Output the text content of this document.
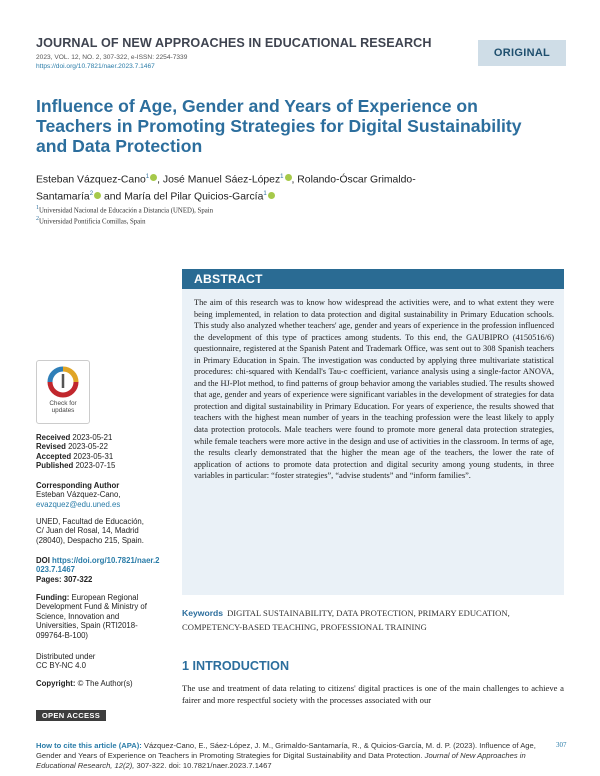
JOURNAL OF NEW APPROACHES IN EDUCATIONAL RESEARCH
2023, VOL. 12, NO. 2, 307-322, e-ISSN: 2254-7339
https://doi.org/10.7821/naer.2023.7.1467
ORIGINAL
Influence of Age, Gender and Years of Experience on Teachers in Promoting Strategies for Digital Sustainability and Data Protection
Esteban Vázquez-Cano$^1$ , José Manuel Sáez-López$^1$ , Rolando-Óscar Grimaldo-Santamaría$^2$ and María del Pilar Quicios-García$^1$
$^1$Universidad Nacional de Educación a Distancia (UNED), Spain
$^2$Universidad Pontificia Comillas, Spain
ABSTRACT

The aim of this research was to know how widespread the activities were, and to what extent they were being implemented, in relation to data protection and digital sustainability in Primary Education schools. This study also analyzed whether teachers' age, gender and years of experience in the profession influenced the development of this type of practices among students. To this end, the GAUBIPRO (4150516/6) questionnaire, registered at the Spanish Patent and Trademark Office, was sent out to 308 Spanish teachers in Primary Education in Spain. The investigation was conducted by applying three multivariate statistical procedures: chi-squared with Kendall's Tau-c coefficient, variance analysis using a single-factor ANOVA, and the HJ-Plot method, to find patterns of group behavior among the variables studied. The results showed that age, gender and years of experience were significant variables in the development of strategies for data protection and digital sustainability in Primary Education. For years of experience, the results showed that teachers with the highest mean number of years in the teaching profession were the least likely to apply data protection protocols. Male teachers were found to promote more general data protection strategies, while female teachers were more active in the design and use of activities in the classroom. In terms of age, the results clearly demonstrated that the higher the mean age of the teachers, the lower the rate of application of actions to promote data protection and digital security among young students, in three variables in particular: “foster strategies”, “advise students” and “inform families”.

Check for
updates
Received 2023-05-21
Revised 2023-05-22
Accepted 2023-05-31
Published 2023-07-15
Corresponding Author
Esteban Vázquez-Cano,
evazquez@edu.uned.es
UNED, Facultad de Educación, C/ Juan del Rosal, 14, Madrid (28040), Despacho 215, Spain.
DOI https://doi.org/10.7821/naer.2023.7.1467
Pages: 307-322
Funding: European Regional Development Fund & Ministry of Science, Innovation and Universities, Spain (RTI2018-099764-B-100)
Distributed under
CC BY-NC 4.0
Copyright: © The Author(s)
OPEN ACCESS
Keywords DIGITAL SUSTAINABILITY, DATA PROTECTION, PRIMARY EDUCATION, COMPETENCY-BASED TEACHING, PROFESSIONAL TRAINING
1 INTRODUCTION
The use and treatment of data relating to citizens' digital practices is one of the main challenges to achieve a fairer and more respectful society with the processes associated with our
How to cite this article (APA): Vázquez-Cano, E., Sáez-López, J. M., Grimaldo-Santamaría, R., & Quicios-García, M. d. P. (2023). Influence of Age, Gender and Years of Experience on Teachers in Promoting Strategies for Digital Sustainability and Data Protection. Journal of New Approaches in Educational Research, 12(2), 307-322. doi: 10.7821/naer.2023.7.1467
307
